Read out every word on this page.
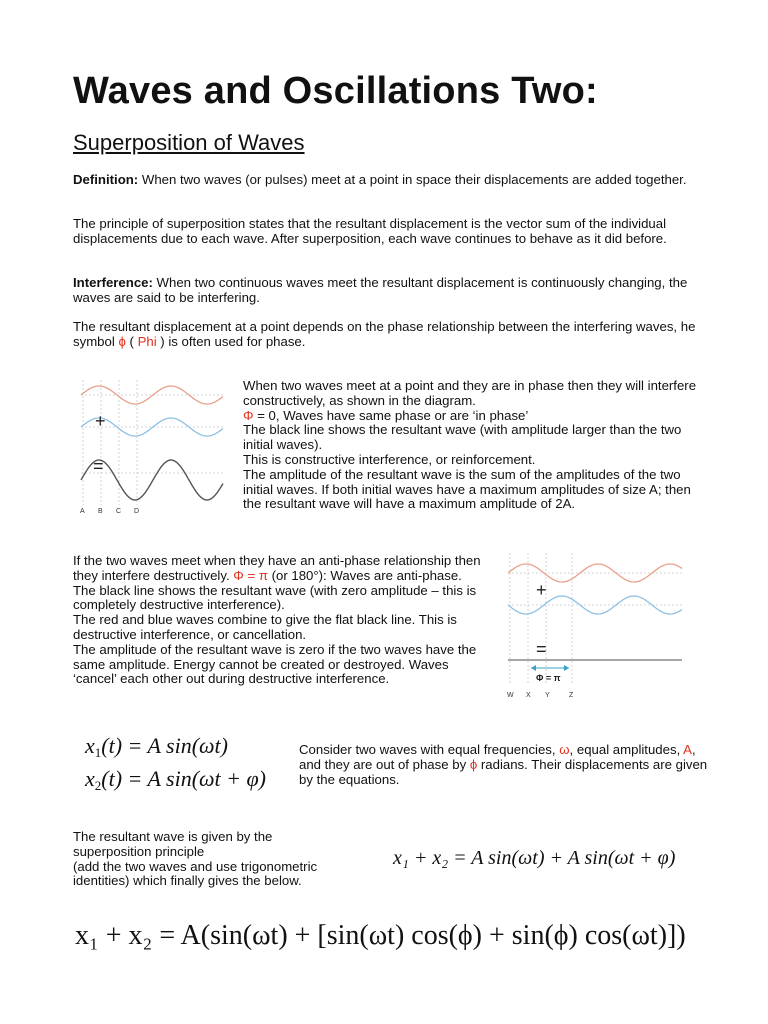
Waves and Oscillations Two:
Superposition of Waves

Definition: When two waves (or pulses) meet at a point in space their displacements are added together.

The principle of superposition states that the resultant displacement is the vector sum of the individual displacements due to each wave. After superposition, each wave continues to behave as it did before.

Interference: When two continuous waves meet the resultant displacement is continuously changing, the waves are said to be interfering.

The resultant displacement at a point depends on the phase relationship between the interfering waves, he symbol ϕ ( Phi ) is often used for phase.

+
=
A B C D
When two waves meet at a point and they are in phase then they will interfere constructively, as shown in the diagram.
Φ = 0, Waves have same phase or are ‘in phase’
The black line shows the resultant wave (with amplitude larger than the two initial waves).
This is constructive interference, or reinforcement.
The amplitude of the resultant wave is the sum of the amplitudes of the two initial waves. If both initial waves have a maximum amplitudes of size A; then the resultant wave will have a maximum amplitude of 2A.
If the two waves meet when they have an anti-phase relationship then they interfere destructively. Φ = π (or 180°): Waves are anti-phase.
The black line shows the resultant wave (with zero amplitude – this is completely destructive interference).
The red and blue waves combine to give the flat black line. This is destructive interference, or cancellation.
The amplitude of the resultant wave is zero if the two waves have the same amplitude. Energy cannot be created or destroyed. Waves ‘cancel’ each other out during destructive interference.
+
=
Φ = π
W X Y	Z
$x_1(t) = A$ sin(ωt)
$x_2(t) = A$ sin(ωt + φ)

Consider two waves with equal frequencies, ω, equal amplitudes, A, and they are out of phase by ϕ radians. Their displacements are given by the equations.

The resultant wave is given by the superposition principle
(add the two waves and use trigonometric identities) which finally gives the below.
x₁ + x₂ = A sin(ωt) + A sin(ωt + φ)
x₁ + x₂ = A(sin(ωt) + [sin(ωt) cos(ϕ) + sin(ϕ) cos(ωt)])
